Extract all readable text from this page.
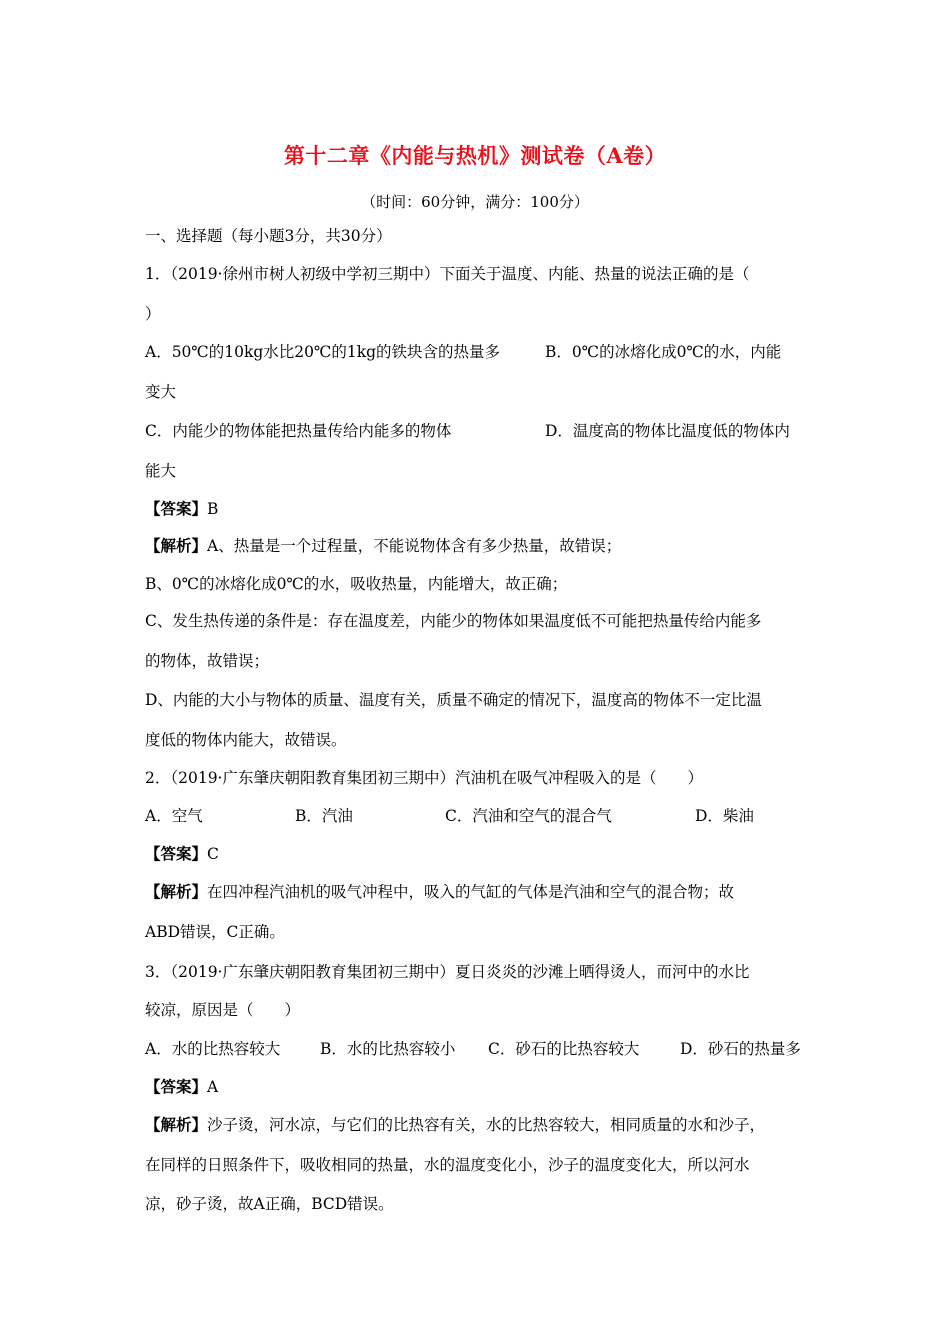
第十二章《内能与热机》测试卷（A卷）
（时间：60分钟，满分：100分）
一、选择题（每小题3分，共30分）
1．（2019·徐州市树人初级中学初三期中）下面关于温度、内能、热量的说法正确的是（
）
A．50℃的10kg水比20℃的1kg的铁块含的热量多	B．0℃的冰熔化成0℃的水，内能
变大
C．内能少的物体能把热量传给内能多的物体	D．温度高的物体比温度低的物体内
能大
【答案】B
【解析】A、热量是一个过程量，不能说物体含有多少热量，故错误；
B、0℃的冰熔化成0℃的水，吸收热量，内能增大，故正确；
C、发生热传递的条件是：存在温度差，内能少的物体如果温度低不可能把热量传给内能多
的物体，故错误；
D、内能的大小与物体的质量、温度有关，质量不确定的情况下，温度高的物体不一定比温
度低的物体内能大，故错误。
2．（2019·广东肇庆朝阳教育集团初三期中）汽油机在吸气冲程吸入的是（　　）
A．空气	B．汽油	C．汽油和空气的混合气	D．柴油
【答案】C
【解析】在四冲程汽油机的吸气冲程中，吸入的气缸的气体是汽油和空气的混合物；故
ABD错误，C正确。
3．（2019·广东肇庆朝阳教育集团初三期中）夏日炎炎的沙滩上晒得烫人，而河中的水比
较凉，原因是（　　）
A．水的比热容较大	B．水的比热容较小 C．砂石的比热容较大	D．砂石的热量多
【答案】A
【解析】沙子烫，河水凉，与它们的比热容有关，水的比热容较大，相同质量的水和沙子，
在同样的日照条件下，吸收相同的热量，水的温度变化小，沙子的温度变化大，所以河水
凉，砂子烫，故A正确，BCD错误。
